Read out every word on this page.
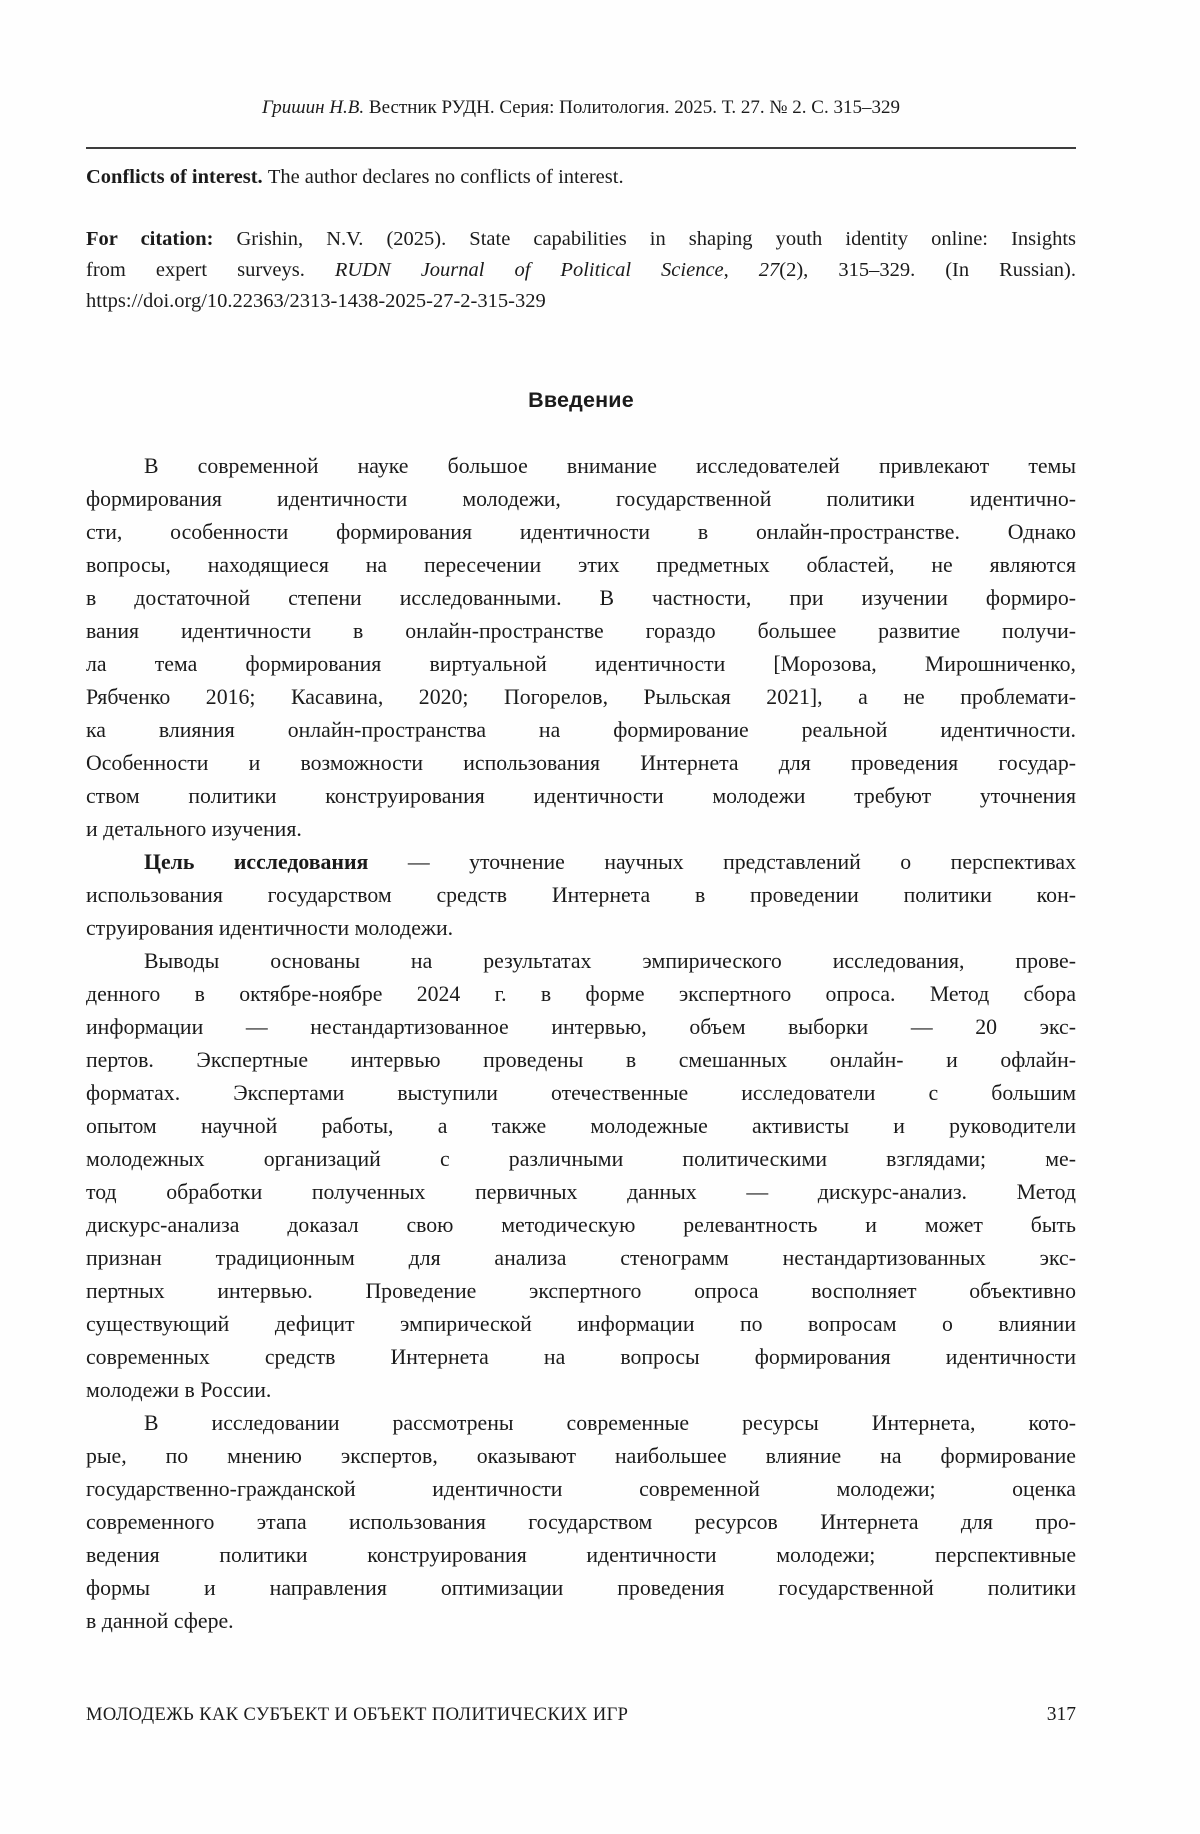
Гришин Н.В. Вестник РУДН. Серия: Политология. 2025. Т. 27. № 2. С. 315–329
Conflicts of interest. The author declares no conflicts of interest.
For citation: Grishin, N.V. (2025). State capabilities in shaping youth identity online: Insights
from expert surveys. RUDN Journal of Political Science, 27(2), 315–329. (In Russian).
https://doi.org/10.22363/2313-1438-2025-27-2-315-329
Введение
В современной науке большое внимание исследователей привлекают темы
формирования идентичности молодежи, государственной политики идентично-
сти, особенности формирования идентичности в онлайн-пространстве. Однако
вопросы, находящиеся на пересечении этих предметных областей, не являются
в достаточной степени исследованными. В частности, при изучении формиро-
вания идентичности в онлайн-пространстве гораздо большее развитие получи-
ла тема формирования виртуальной идентичности [Морозова, Мирошниченко,
Рябченко 2016; Касавина, 2020; Погорелов, Рыльская 2021], а не проблемати-
ка влияния онлайн-пространства на формирование реальной идентичности.
Особенности и возможности использования Интернета для проведения государ-
ством политики конструирования идентичности молодежи требуют уточнения
и детального изучения.
Цель исследования — уточнение научных представлений о перспективах
использования государством средств Интернета в проведении политики кон-
струирования идентичности молодежи.
Выводы основаны на результатах эмпирического исследования, прове-
денного в октябре-ноябре 2024 г. в форме экспертного опроса. Метод сбора
информации — нестандартизованное интервью, объем выборки — 20 экс-
пертов. Экспертные интервью проведены в смешанных онлайн- и офлайн-
форматах. Экспертами выступили отечественные исследователи с большим
опытом научной работы, а также молодежные активисты и руководители
молодежных организаций с различными политическими взглядами; ме-
тод обработки полученных первичных данных — дискурс-анализ. Метод
дискурс-анализа доказал свою методическую релевантность и может быть
признан традиционным для анализа стенограмм нестандартизованных экс-
пертных интервью. Проведение экспертного опроса восполняет объективно
существующий дефицит эмпирической информации по вопросам о влиянии
современных средств Интернета на вопросы формирования идентичности
молодежи в России.
В исследовании рассмотрены современные ресурсы Интернета, кото-
рые, по мнению экспертов, оказывают наибольшее влияние на формирование
государственно-гражданской идентичности современной молодежи; оценка
современного этапа использования государством ресурсов Интернета для про-
ведения политики конструирования идентичности молодежи; перспективные
формы и направления оптимизации проведения государственной политики
в данной сфере.
МОЛОДЕЖЬ КАК СУБЪЕКТ И ОБЪЕКТ ПОЛИТИЧЕСКИХ ИГР	317
